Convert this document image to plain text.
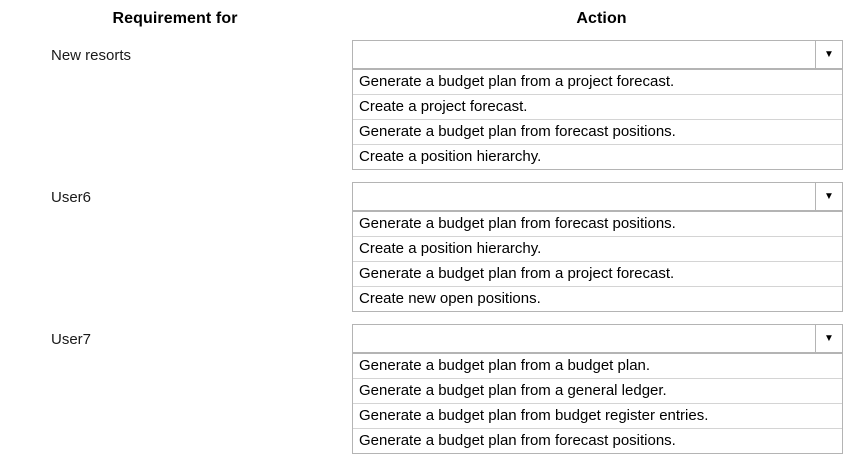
Requirement for	Action
New resorts	▼
Generate a budget plan from a project forecast.
Create a project forecast.
Generate a budget plan from forecast positions.
Create a position hierarchy.
User6	▼
Generate a budget plan from forecast positions.
Create a position hierarchy.
Generate a budget plan from a project forecast.
Create new open positions.
User7	▼
Generate a budget plan from a budget plan.
Generate a budget plan from a general ledger.
Generate a budget plan from budget register entries.
Generate a budget plan from forecast positions.
